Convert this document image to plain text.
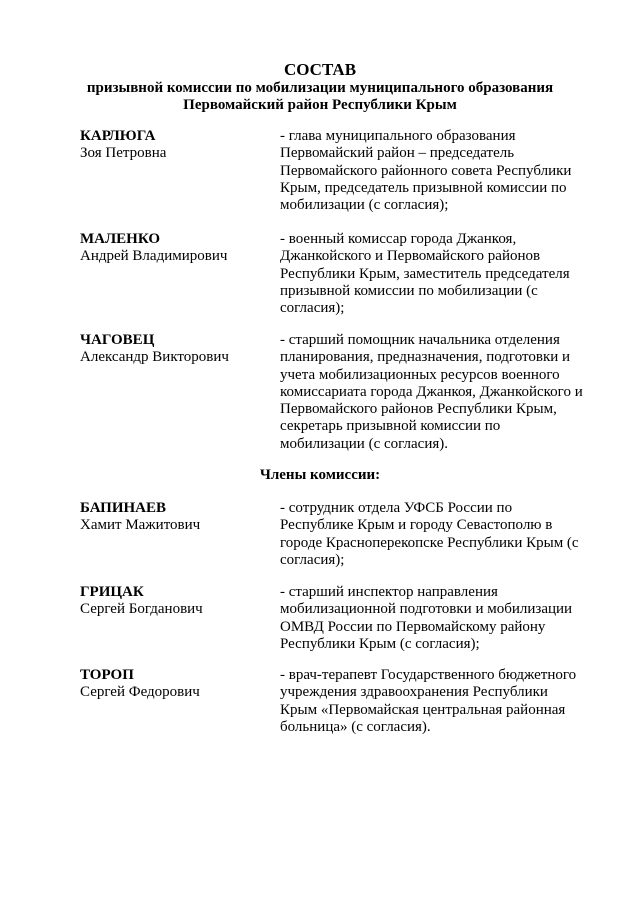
СОСТАВ
призывной комиссии по мобилизации муниципального образования
Первомайский район Республики Крым
КАРЛЮГА
Зоя Петровна
- глава муниципального образования Первомайский район – председатель Первомайского районного совета Республики Крым, председатель призывной комиссии по мобилизации (с согласия);
МАЛЕНКО
Андрей Владимирович
- военный комиссар города Джанкоя, Джанкойского и Первомайского районов Республики Крым, заместитель председателя призывной комиссии по мобилизации (с согласия);
ЧАГОВЕЦ
Александр Викторович
- старший помощник начальника отделения планирования, предназначения, подготовки и учета мобилизационных ресурсов военного комиссариата города Джанкоя, Джанкойского и Первомайского районов Республики Крым, секретарь призывной комиссии по мобилизации (с согласия).
Члены комиссии:
БАПИНАЕВ
Хамит Мажитович
- сотрудник отдела УФСБ России по Республике Крым и городу Севастополю в городе Красноперекопске Республики Крым (с согласия);
ГРИЦАК
Сергей Богданович
- старший инспектор направления мобилизационной подготовки и мобилизации ОМВД России по Первомайскому району Республики Крым (с согласия);
ТОРОП
Сергей Федорович
- врач-терапевт Государственного бюджетного учреждения здравоохранения Республики Крым «Первомайская центральная районная больница» (с согласия).
